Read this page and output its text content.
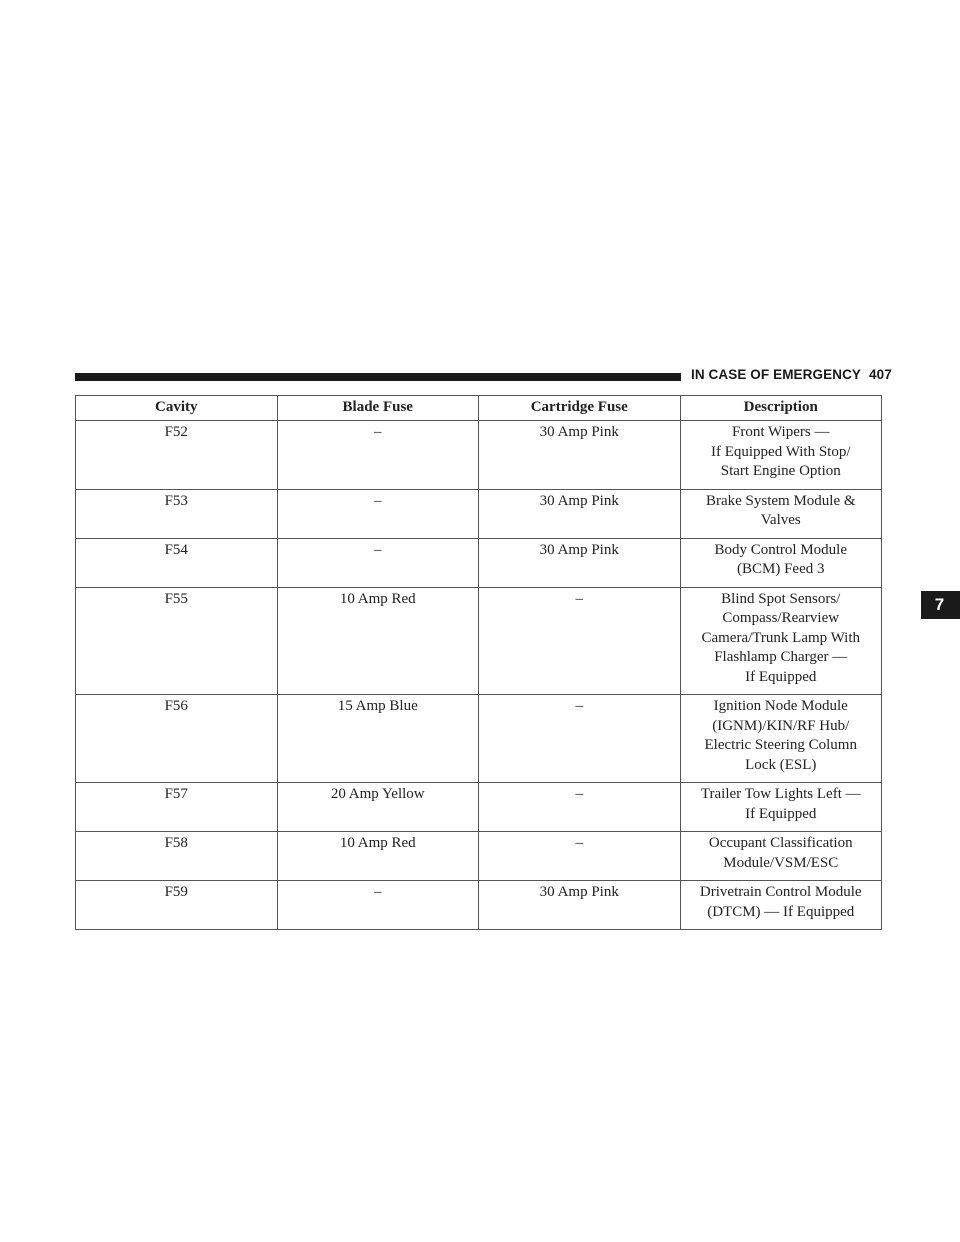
IN CASE OF EMERGENCY 407
7
Cavity	Blade Fuse	Cartridge Fuse	Description
F52	–	30 Amp Pink	Front Wipers —
If Equipped With Stop/
Start Engine Option

F53	–	30 Amp Pink	Brake System Module &
Valves

F54	–	30 Amp Pink	Body Control Module
(BCM) Feed 3

F55	10 Amp Red	–	Blind Spot Sensors/
Compass/Rearview
Camera/Trunk Lamp With
Flashlamp Charger —
If Equipped

F56	15 Amp Blue	–	Ignition Node Module
(IGNM)/KIN/RF Hub/
Electric Steering Column
Lock (ESL)

F57	20 Amp Yellow	–	Trailer Tow Lights Left —
If Equipped

F58	10 Amp Red	–	Occupant Classification
Module/VSM/ESC

F59	–	30 Amp Pink	Drivetrain Control Module
(DTCM) — If Equipped
